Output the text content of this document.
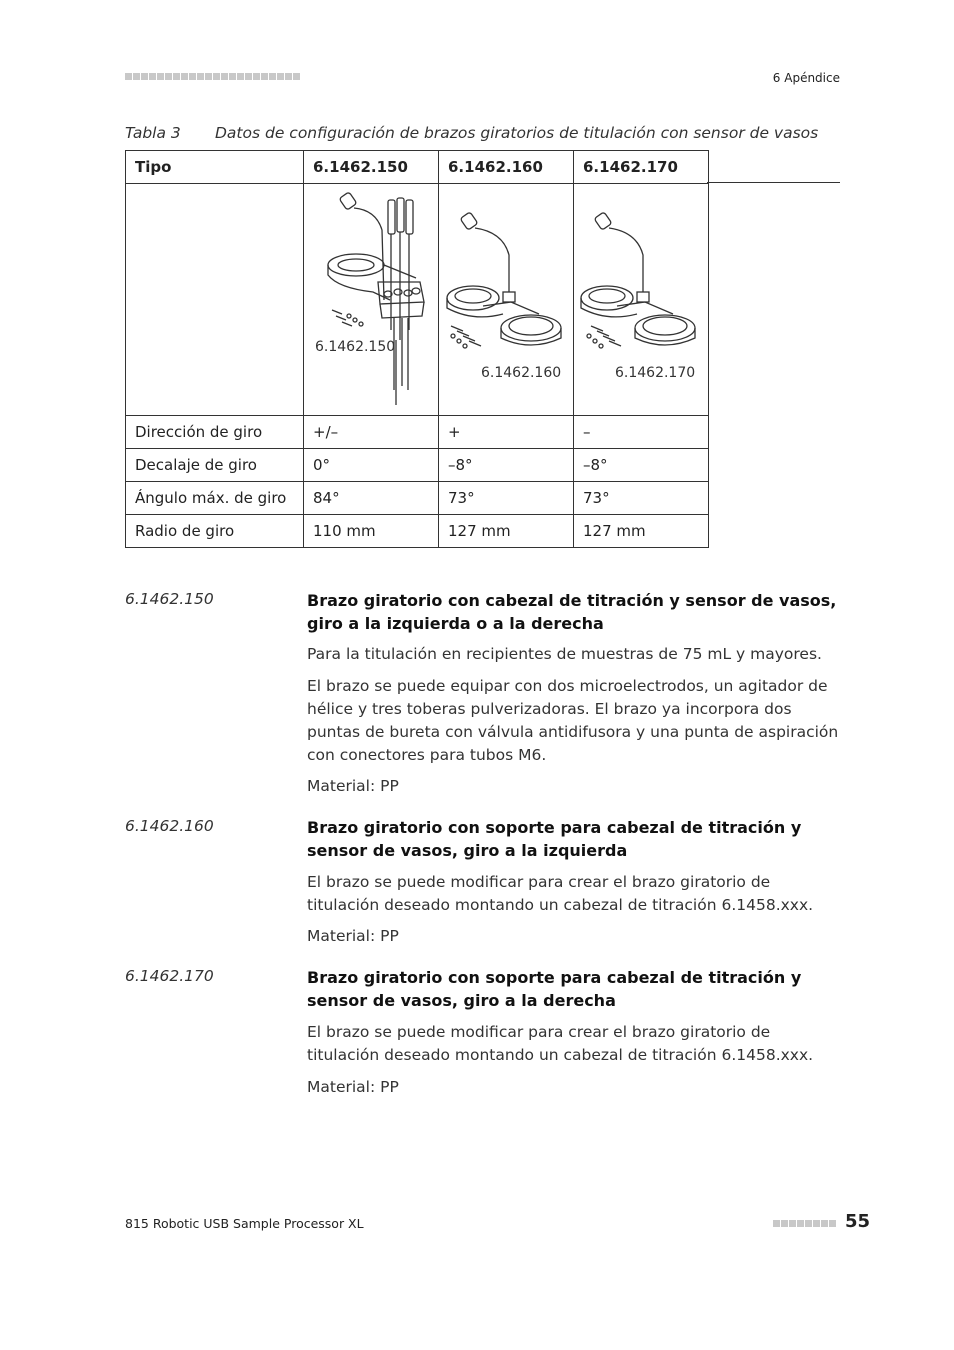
6 Apéndice
Tabla 3 Datos de configuración de brazos giratorios de titulación con sensor de vasos
Tipo	6.1462.150	6.1462.160	6.1462.170

Dirección de giro	+/–	+	–
Decalaje de giro	0°	–8°	–8°
Ángulo máx. de giro	84°	73°	73°
Radio de giro	110 mm	127 mm	127 mm
6.1462.150
6.1462.160	6.1462.170
6.1462.150	Brazo giratorio con cabezal de titración y sensor de vasos, giro a la izquierda o a la derecha
Para la titulación en recipientes de muestras de 75 mL y mayores.
El brazo se puede equipar con dos microelectrodos, un agitador de hélice y tres toberas pulverizadoras. El brazo ya incorpora dos puntas de bureta con válvula antidifusora y una punta de aspiración con conectores para tubos M6.
Material: PP
6.1462.160	Brazo giratorio con soporte para cabezal de titración y sensor de vasos, giro a la izquierda
El brazo se puede modificar para crear el brazo giratorio de titulación deseado montando un cabezal de titración 6.1458.xxx.
Material: PP
6.1462.170	Brazo giratorio con soporte para cabezal de titración y sensor de vasos, giro a la derecha
El brazo se puede modificar para crear el brazo giratorio de titulación deseado montando un cabezal de titración 6.1458.xxx.
Material: PP
815 Robotic USB Sample Processor XL	55
